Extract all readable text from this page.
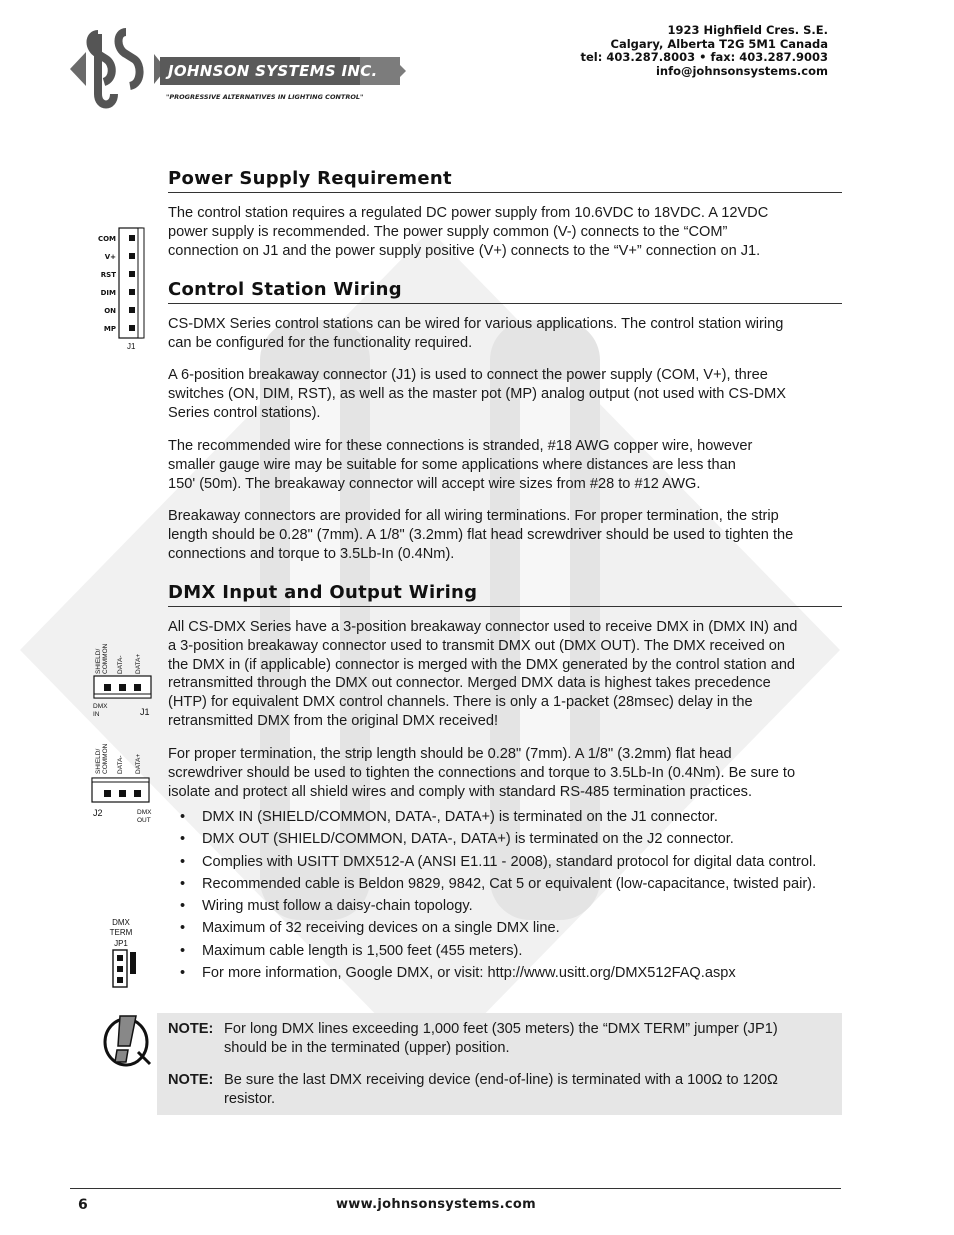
JOHNSON SYSTEMS INC.
"PROGRESSIVE ALTERNATIVES IN LIGHTING CONTROL"
1923 Highfield Cres. S.E.
Calgary, Alberta T2G 5M1 Canada
tel: 403.287.8003 • fax: 403.287.9003
info@johnsonsystems.com
Power Supply Requirement
The control station requires a regulated DC power supply from 10.6VDC to 18VDC. A 12VDC
power supply is recommended. The power supply common (V-) connects to the “COM”
connection on J1 and the power supply positive (V+) connects to the “V+” connection on J1.
COM
V+
RST
DIM
ON
MP
J1
Control Station Wiring
CS-DMX Series control stations can be wired for various applications. The control station wiring
can be configured for the functionality required.
A 6-position breakaway connector (J1) is used to connect the power supply (COM, V+), three
switches (ON, DIM, RST), as well as the master pot (MP) analog output (not used with CS-DMX
Series control stations).
The recommended wire for these connections is stranded, #18 AWG copper wire, however
smaller gauge wire may be suitable for some applications where distances are less than
150' (50m). The breakaway connector will accept wire sizes from #28 to #12 AWG.
Breakaway connectors are provided for all wiring terminations. For proper termination, the strip
length should be 0.28" (7mm). A 1/8" (3.2mm) flat head screwdriver should be used to tighten the
connections and torque to 3.5Lb-In (0.4Nm).
DMX Input and Output Wiring
All CS-DMX Series have a 3-position breakaway connector used to receive DMX in (DMX IN) and
a 3-position breakaway connector used to transmit DMX out (DMX OUT). The DMX received on
the DMX in (if applicable) connector is merged with the DMX generated by the control station and
retransmitted through the DMX out connector. Merged DMX data is highest takes precedence
(HTP) for equivalent DMX control channels. There is only a 1-packet (28msec) delay in the
retransmitted DMX from the original DMX received!
For proper termination, the strip length should be 0.28" (7mm). A 1/8" (3.2mm) flat head
screwdriver should be used to tighten the connections and torque to 3.5Lb-In (0.4Nm). Be sure to
isolate and protect all shield wires and comply with standard RS-485 termination practices.
SHIELD/ COMMON DATA- DATA+
DMX
IN	J1
SHIELD/ COMMON DATA- DATA+
J2	DMX
OUT • DMX IN (SHIELD/COMMON, DATA-, DATA+) is terminated on the J1 connector.
• DMX OUT (SHIELD/COMMON, DATA-, DATA+) is terminated on the J2 connector.
• Complies with USITT DMX512-A (ANSI E1.11 - 2008), standard protocol for digital data control.
• Recommended cable is Beldon 9829, 9842, Cat 5 or equivalent (low-capacitance, twisted pair).
• Wiring must follow a daisy-chain topology.
• Maximum of 32 receiving devices on a single DMX line.
• Maximum cable length is 1,500 feet (455 meters).
• For more information, Google DMX, or visit: http://www.usitt.org/DMX512FAQ.aspx
DMX
TERM
JP1
NOTE: For long DMX lines exceeding 1,000 feet (305 meters) the “DMX TERM” jumper (JP1)
should be in the terminated (upper) position.
NOTE: Be sure the last DMX receiving device (end-of-line) is terminated with a 100Ω to 120Ω
resistor.
6	www.johnsonsystems.com
